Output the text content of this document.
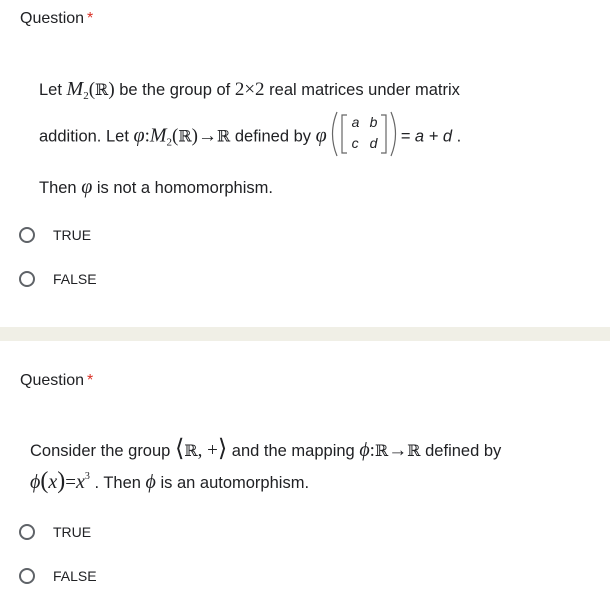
Question *
Let $M_2(ℝ)$ be the group of 2×2 real matrices under matrix
addition. Let $\varphi:M_2(ℝ)\to ℝ$ defined by φ
a b
c d = a + d .
Then φ is not a homomorphism.
TRUE
FALSE
Question *
Consider the group ⟨ℝ, +⟩ and the mapping ϕ:ℝ→ℝ defined by
$\phi(x)=x^3$ . Then ϕ is an automorphism.
TRUE
FALSE
